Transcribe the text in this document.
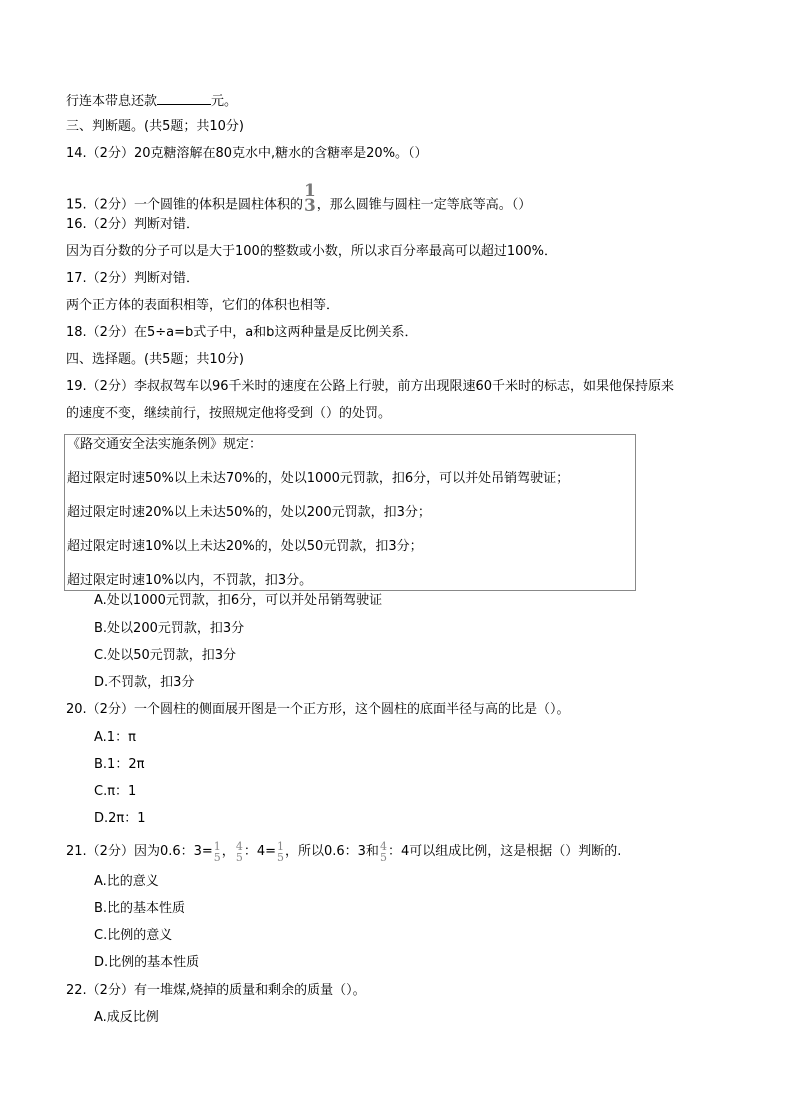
行连本带息还款	元。
三、判断题。(共5题；共10分)
14.（2分）20克糖溶解在80克水中,糖水的含糖率是20%。（）
15.（2分）一个圆锥的体积是圆柱体积的
1
3 ，那么圆锥与圆柱一定等底等高。（）
16.（2分）判断对错．
因为百分数的分子可以是大于100的整数或小数，所以求百分率最高可以超过100%．
17.（2分）判断对错．
两个正方体的表面积相等，它们的体积也相等．
18.（2分）在5÷a=b式子中，a和b这两种量是反比例关系．
四、选择题。(共5题；共10分)
19.（2分）李叔叔驾车以96千米时的速度在公路上行驶，前方出现限速60千米时的标志，如果他保持原来
的速度不变，继续前行，按照规定他将受到（）的处罚。
《路交通安全法实施条例》规定：
超过限定时速50%以上未达70%的，处以1000元罚款，扣6分，可以并处吊销驾驶证；
超过限定时速20%以上未达50%的，处以200元罚款，扣3分；
超过限定时速10%以上未达20%的，处以50元罚款，扣3分；
超过限定时速10%以内，不罚款，扣3分。
A.处以1000元罚款，扣6分，可以并处吊销驾驶证
B.处以200元罚款，扣3分
C.处以50元罚款，扣3分
D.不罚款，扣3分
20.（2分）一个圆柱的侧面展开图是一个正方形，这个圆柱的底面半径与高的比是（）。
A.1：π
B.1：2π
C.π：1
D.2π：1
21.（2分）因为0.6：3= 1
5 ， 4
5 ：4= 1
5 ，所以0.6：3和 4
5 ：4可以组成比例，这是根据（）判断的.
A.比的意义
B.比的基本性质
C.比例的意义
D.比例的基本性质
22.（2分）有一堆煤,烧掉的质量和剩余的质量（）。
A.成反比例
